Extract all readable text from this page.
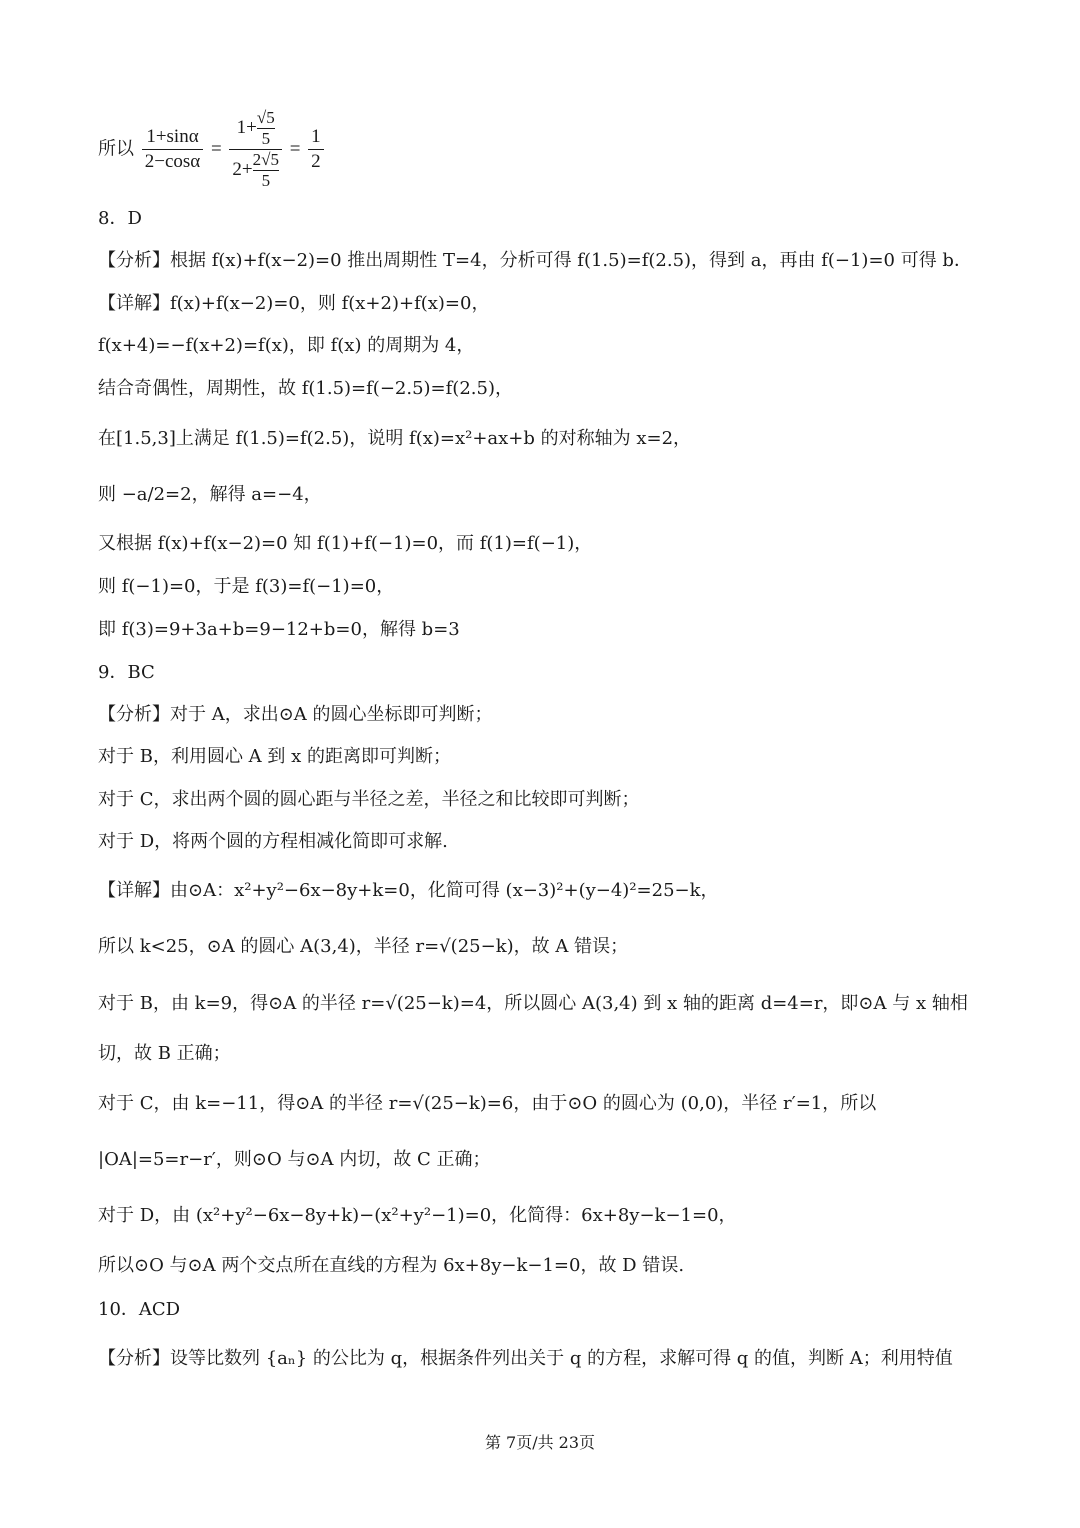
所以 $\frac{1+\sin\alpha}{2-\cos\alpha} = \frac{1+ \frac{√5}{5}}{2+ \frac{2√5}{5}} = \frac{1}{2}$
8．D
【分析】根据 f(x)+f(x−2)=0 推出周期性 T=4，分析可得 f(1.5)=f(2.5)，得到 a，再由 f(−1)=0 可得 b．
【详解】f(x)+f(x−2)=0，则 f(x+2)+f(x)=0，
f(x+4)=−f(x+2)=f(x)，即 f(x) 的周期为 4，
结合奇偶性，周期性，故 f(1.5)=f(−2.5)=f(2.5)，
在[1.5,3]上满足 f(1.5)=f(2.5)，说明 f(x)=x²+ax+b 的对称轴为 x=2，
则 −a/2=2，解得 a=−4，
又根据 f(x)+f(x−2)=0 知 f(1)+f(−1)=0，而 f(1)=f(−1)，
则 f(−1)=0，于是 f(3)=f(−1)=0，
即 f(3)=9+3a+b=9−12+b=0，解得 b=3
9．BC
【分析】对于 A，求出⊙A 的圆心坐标即可判断；
对于 B，利用圆心 A 到 x 的距离即可判断；
对于 C，求出两个圆的圆心距与半径之差，半径之和比较即可判断；
对于 D，将两个圆的方程相减化简即可求解.
【详解】由⊙A：x²+y²−6x−8y+k=0，化简可得 (x−3)²+(y−4)²=25−k，
所以 k<25，⊙A 的圆心 A(3,4)，半径 r=√(25−k)，故 A 错误；
对于 B，由 k=9，得⊙A 的半径 r=√(25−k)=4，所以圆心 A(3,4) 到 x 轴的距离 d=4=r，即⊙A 与 x 轴相
切，故 B 正确；
对于 C，由 k=−11，得⊙A 的半径 r=√(25−k)=6，由于⊙O 的圆心为 (0,0)，半径 r′=1，所以
|OA|=5=r−r′，则⊙O 与⊙A 内切，故 C 正确；
对于 D，由 (x²+y²−6x−8y+k)−(x²+y²−1)=0，化简得：6x+8y−k−1=0，
所以⊙O 与⊙A 两个交点所在直线的方程为 6x+8y−k−1=0，故 D 错误.
10．ACD
【分析】设等比数列 {aₙ} 的公比为 q，根据条件列出关于 q 的方程，求解可得 q 的值，判断 A；利用特值
第 7页/共 23页
